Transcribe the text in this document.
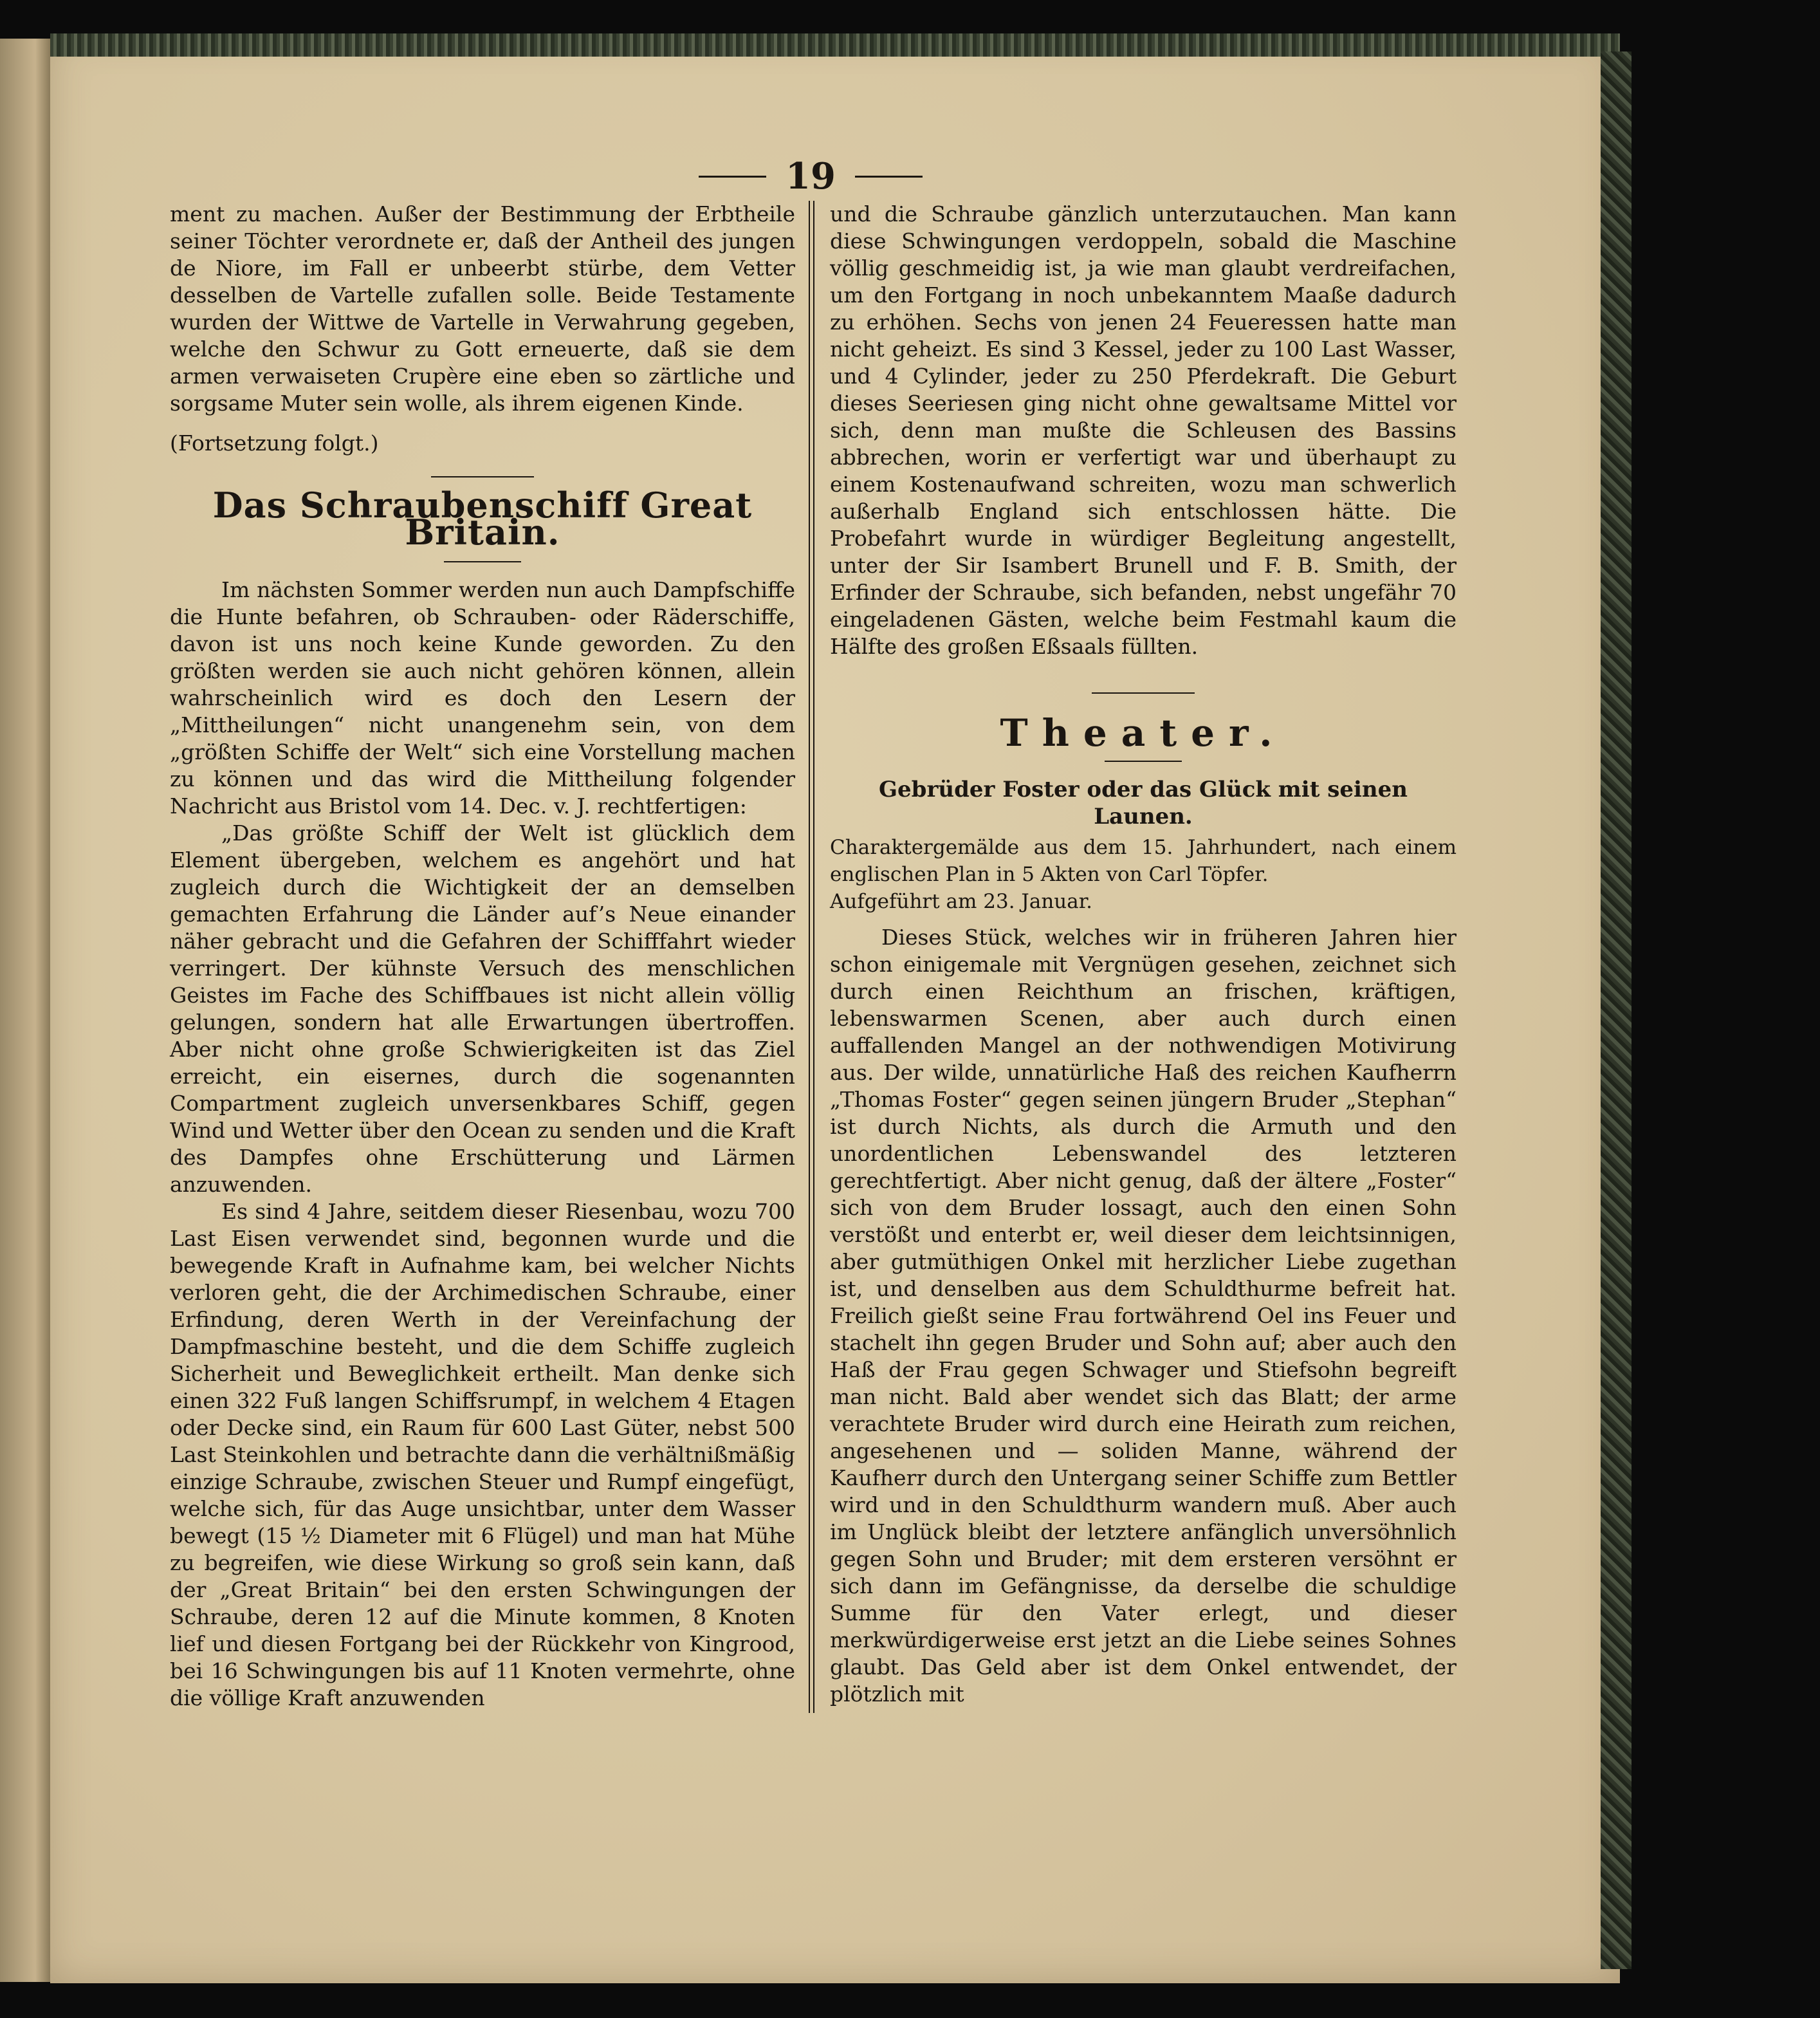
19

ment zu machen. Außer der Bestimmung der Erbtheile seiner Töchter verordnete er, daß der Antheil des jungen de Niore, im Fall er unbeerbt stürbe, dem Vetter desselben de Vartelle zufallen solle. Beide Testamente wurden der Wittwe de Vartelle in Verwahrung gegeben, welche den Schwur zu Gott erneuerte, daß sie dem armen verwaiseten Crupère eine eben so zärtliche und sorgsame Muter sein wolle, als ihrem eigenen Kinde.

(Fortsetzung folgt.)

Das Schraubenschiff Great Britain.

Im nächsten Sommer werden nun auch Dampfschiffe die Hunte befahren, ob Schrauben- oder Räderschiffe, davon ist uns noch keine Kunde geworden. Zu den größten werden sie auch nicht gehören können, allein wahrscheinlich wird es doch den Lesern der „Mittheilungen“ nicht unangenehm sein, von dem „größten Schiffe der Welt“ sich eine Vorstellung machen zu können und das wird die Mittheilung folgender Nachricht aus Bristol vom 14. Dec. v. J. rechtfertigen:

„Das größte Schiff der Welt ist glücklich dem Element übergeben, welchem es angehört und hat zugleich durch die Wichtigkeit der an demselben gemachten Erfahrung die Länder auf’s Neue einander näher gebracht und die Gefahren der Schifffahrt wieder verringert. Der kühnste Versuch des menschlichen Geistes im Fache des Schiffbaues ist nicht allein völlig gelungen, sondern hat alle Erwartungen übertroffen. Aber nicht ohne große Schwierigkeiten ist das Ziel erreicht, ein eisernes, durch die sogenannten Compartment zugleich unversenkbares Schiff, gegen Wind und Wetter über den Ocean zu senden und die Kraft des Dampfes ohne Erschütterung und Lärmen anzuwenden.

Es sind 4 Jahre, seitdem dieser Riesenbau, wozu 700 Last Eisen verwendet sind, begonnen wurde und die bewegende Kraft in Aufnahme kam, bei welcher Nichts verloren geht, die der Archimedischen Schraube, einer Erfindung, deren Werth in der Vereinfachung der Dampfmaschine besteht, und die dem Schiffe zugleich Sicherheit und Beweglichkeit ertheilt. Man denke sich einen 322 Fuß langen Schiffsrumpf, in welchem 4 Etagen oder Decke sind, ein Raum für 600 Last Güter, nebst 500 Last Steinkohlen und betrachte dann die verhältnißmäßig einzige Schraube, zwischen Steuer und Rumpf eingefügt, welche sich, für das Auge unsichtbar, unter dem Wasser bewegt (15 ½ Diameter mit 6 Flügel) und man hat Mühe zu begreifen, wie diese Wirkung so groß sein kann, daß der „Great Britain“ bei den ersten Schwingungen der Schraube, deren 12 auf die Minute kommen, 8 Knoten lief und diesen Fortgang bei der Rückkehr von Kingrood, bei 16 Schwingungen bis auf 11 Knoten vermehrte, ohne die völlige Kraft anzuwenden

und die Schraube gänzlich unterzutauchen. Man kann diese Schwingungen verdoppeln, sobald die Maschine völlig geschmeidig ist, ja wie man glaubt verdreifachen, um den Fortgang in noch unbekanntem Maaße dadurch zu erhöhen. Sechs von jenen 24 Feueressen hatte man nicht geheizt. Es sind 3 Kessel, jeder zu 100 Last Wasser, und 4 Cylinder, jeder zu 250 Pferdekraft. Die Geburt dieses Seeriesen ging nicht ohne gewaltsame Mittel vor sich, denn man mußte die Schleusen des Bassins abbrechen, worin er verfertigt war und überhaupt zu einem Kostenaufwand schreiten, wozu man schwerlich außerhalb England sich entschlossen hätte. Die Probefahrt wurde in würdiger Begleitung angestellt, unter der Sir Isambert Brunell und F. B. Smith, der Erfinder der Schraube, sich befanden, nebst ungefähr 70 eingeladenen Gästen, welche beim Festmahl kaum die Hälfte des großen Eßsaals füllten.

Theater.
Gebrüder Foster oder das Glück mit seinen Launen.

Charaktergemälde aus dem 15. Jahrhundert, nach einem englischen Plan in 5 Akten von Carl Töpfer.

Aufgeführt am 23. Januar.

Dieses Stück, welches wir in früheren Jahren hier schon einigemale mit Vergnügen gesehen, zeichnet sich durch einen Reichthum an frischen, kräftigen, lebenswarmen Scenen, aber auch durch einen auffallenden Mangel an der nothwendigen Motivirung aus. Der wilde, unnatürliche Haß des reichen Kaufherrn „Thomas Foster“ gegen seinen jüngern Bruder „Stephan“ ist durch Nichts, als durch die Armuth und den unordentlichen Lebenswandel des letzteren gerechtfertigt. Aber nicht genug, daß der ältere „Foster“ sich von dem Bruder lossagt, auch den einen Sohn verstößt und enterbt er, weil dieser dem leichtsinnigen, aber gutmüthigen Onkel mit herzlicher Liebe zugethan ist, und denselben aus dem Schuldthurme befreit hat. Freilich gießt seine Frau fortwährend Oel ins Feuer und stachelt ihn gegen Bruder und Sohn auf; aber auch den Haß der Frau gegen Schwager und Stiefsohn begreift man nicht. Bald aber wendet sich das Blatt; der arme verachtete Bruder wird durch eine Heirath zum reichen, angesehenen und — soliden Manne, während der Kaufherr durch den Untergang seiner Schiffe zum Bettler wird und in den Schuldthurm wandern muß. Aber auch im Unglück bleibt der letztere anfänglich unversöhnlich gegen Sohn und Bruder; mit dem ersteren versöhnt er sich dann im Gefängnisse, da derselbe die schuldige Summe für den Vater erlegt, und dieser merkwürdigerweise erst jetzt an die Liebe seines Sohnes glaubt. Das Geld aber ist dem Onkel entwendet, der plötzlich mit
